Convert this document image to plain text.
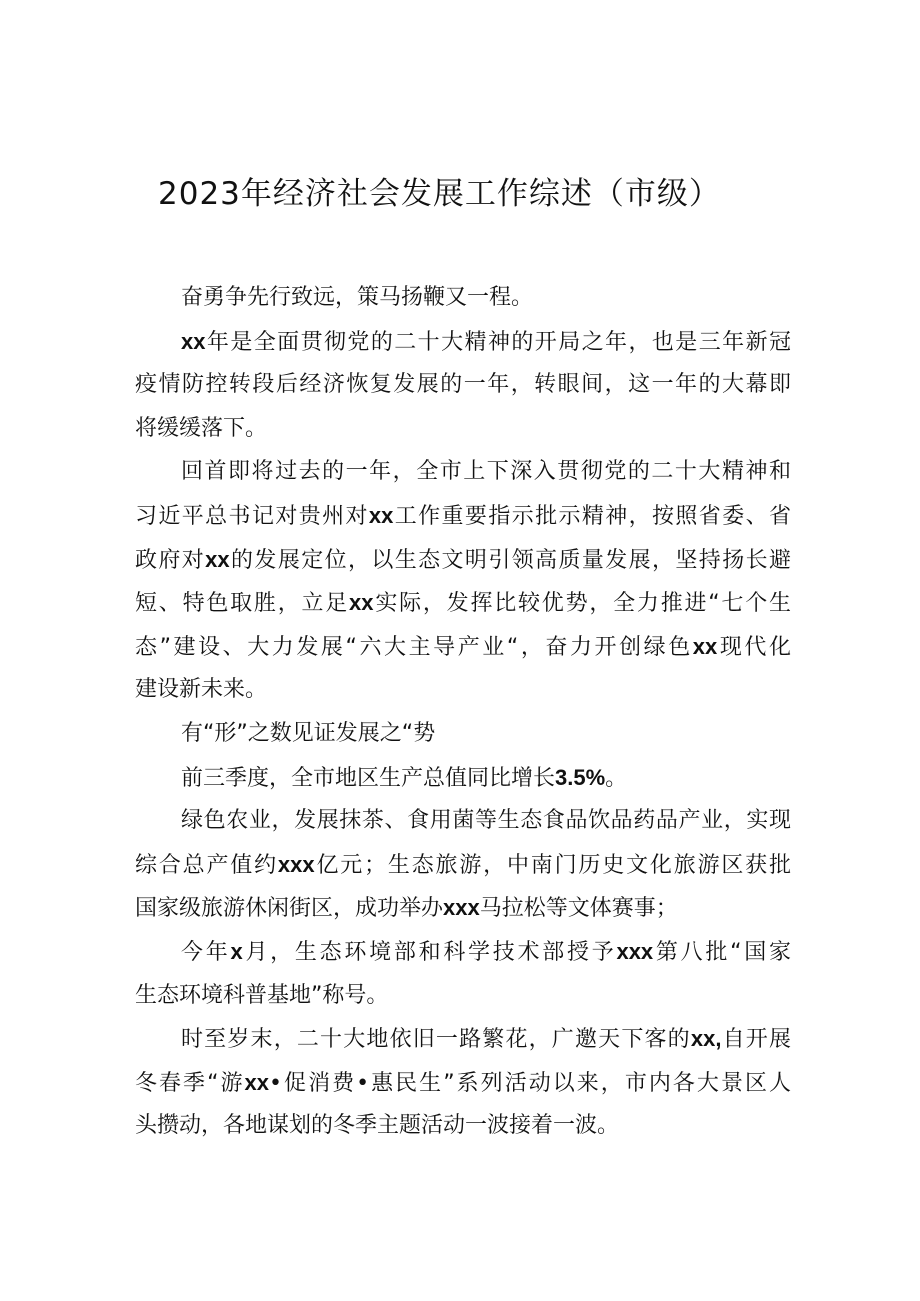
2023年经济社会发展工作综述（市级）
奋勇争先行致远，策马扬鞭又一程。
xx年是全面贯彻党的二十大精神的开局之年，也是三年新冠
疫情防控转段后经济恢复发展的一年，转眼间，这一年的大幕即
将缓缓落下。
回首即将过去的一年，全市上下深入贯彻党的二十大精神和
习近平总书记对贵州对xx工作重要指示批示精神，按照省委、省
政府对xx的发展定位，以生态文明引领高质量发展，坚持扬长避
短、特色取胜，立足xx实际，发挥比较优势，全力推进“七个生
态”建设、大力发展“六大主导产业“，奋力开创绿色xx现代化
建设新未来。
有“形”之数见证发展之“势
前三季度，全市地区生产总值同比增长3.5%。
绿色农业，发展抹茶、食用菌等生态食品饮品药品产业，实现
综合总产值约xxx亿元；生态旅游，中南门历史文化旅游区获批
国家级旅游休闲街区，成功举办xxx马拉松等文体赛事；
今年x月，生态环境部和科学技术部授予xxx第八批“国家
生态环境科普基地”称号。
时至岁末，二十大地依旧一路繁花，广邀天下客的xx,自开展
冬春季“游xx•促消费•惠民生”系列活动以来，市内各大景区人
头攒动，各地谋划的冬季主题活动一波接着一波。
